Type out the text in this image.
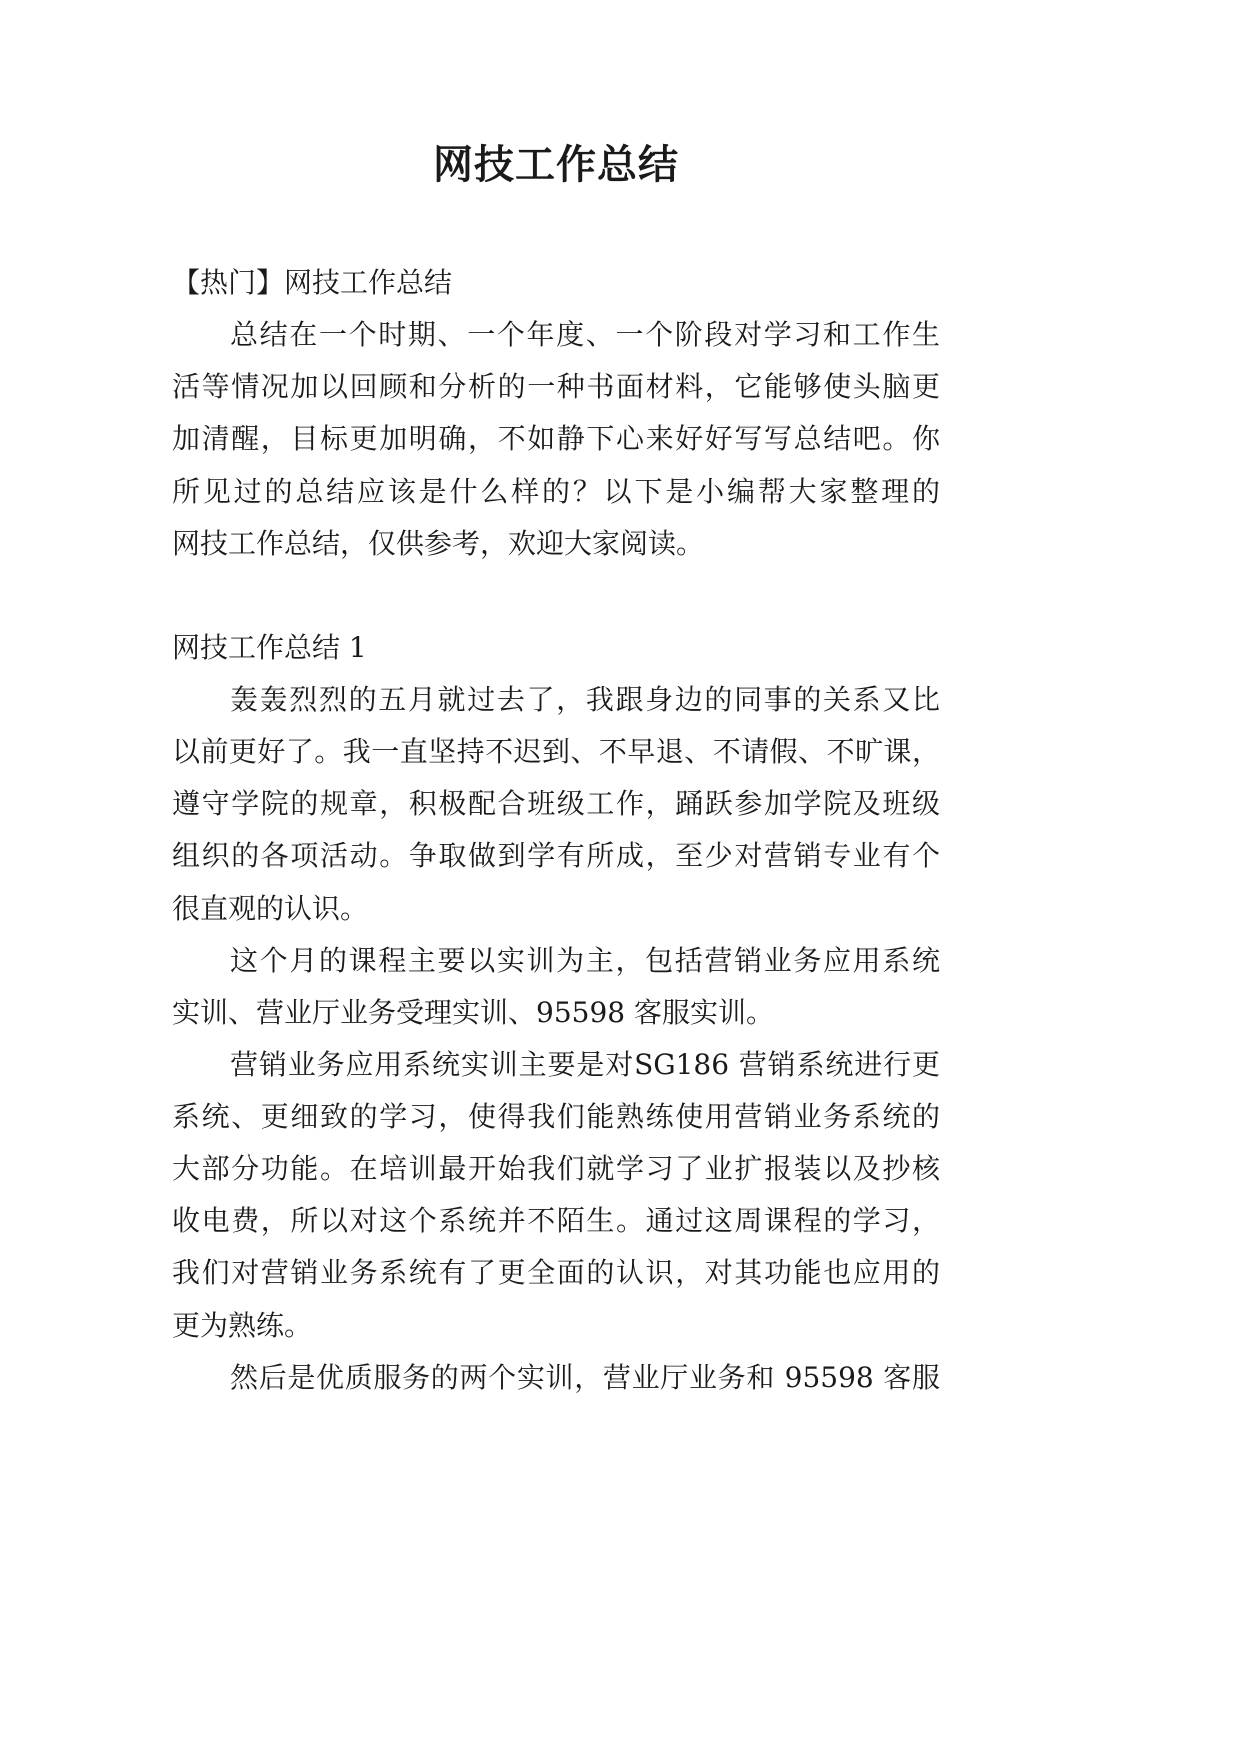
网技工作总结
【热门】网技工作总结
总结在一个时期、一个年度、一个阶段对学习和工作生
活等情况加以回顾和分析的一种书面材料，它能够使头脑更
加清醒，目标更加明确，不如静下心来好好写写总结吧。你
所见过的总结应该是什么样的？以下是小编帮大家整理的
网技工作总结，仅供参考，欢迎大家阅读。
网技工作总结 1
轰轰烈烈的五月就过去了，我跟身边的同事的关系又比
以前更好了。我一直坚持不迟到、不早退、不请假、不旷课，
遵守学院的规章，积极配合班级工作，踊跃参加学院及班级
组织的各项活动。争取做到学有所成，至少对营销专业有个
很直观的认识。
这个月的课程主要以实训为主，包括营销业务应用系统
实训、营业厅业务受理实训、95598 客服实训。
营销业务应用系统实训主要是对SG186 营销系统进行更
系统、更细致的学习，使得我们能熟练使用营销业务系统的
大部分功能。在培训最开始我们就学习了业扩报装以及抄核
收电费，所以对这个系统并不陌生。通过这周课程的学习，
我们对营销业务系统有了更全面的认识，对其功能也应用的
更为熟练。
然后是优质服务的两个实训，营业厅业务和 95598 客服
